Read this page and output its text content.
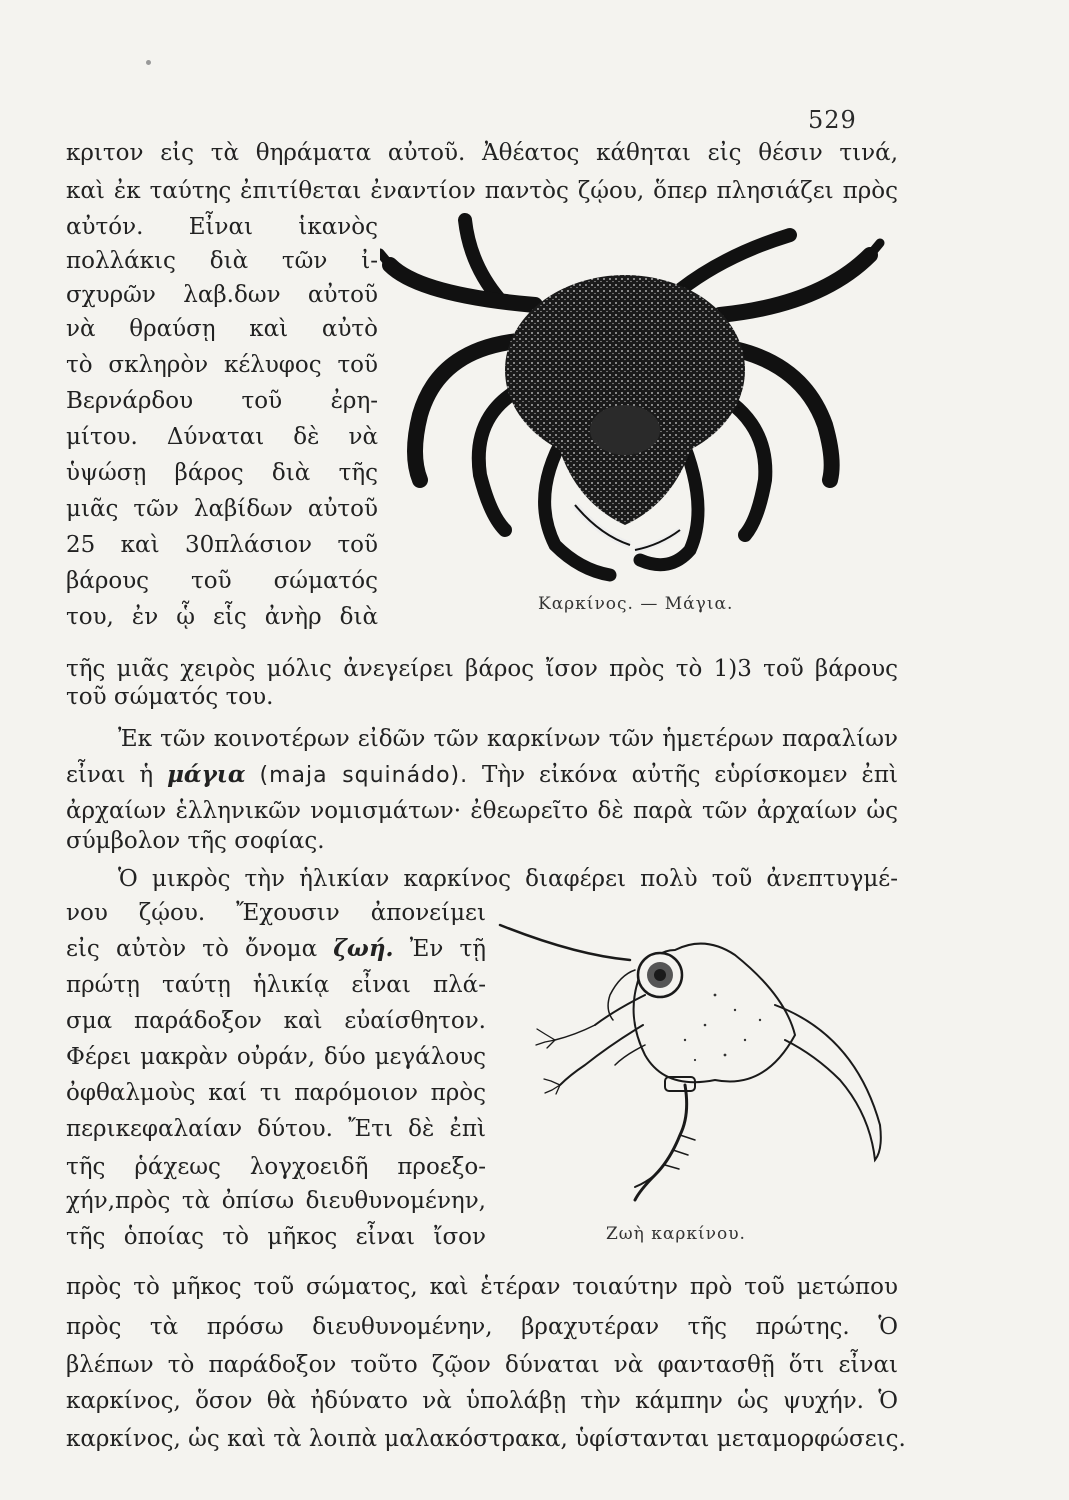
529
κριτον εἰς τὰ θηράματα αὐτοῦ. Ἀθέατος κάθηται εἰς θέσιν τινά,
καὶ ἐκ ταύτης ἐπιτίθεται ἐναντίον παντὸς ζῴου, ὅπερ πλησιάζει πρὸς
αὐτόν. Εἶναι ἱκανὸς
πολλάκις διὰ τῶν ἰ-
σχυρῶν λαβ.δων αὐτοῦ
νὰ θραύσῃ καὶ αὐτὸ
τὸ σκληρὸν κέλυφος τοῦ
Βερνάρδου τοῦ ἐρη-
μίτου. Δύναται δὲ νὰ
ὑψώσῃ βάρος διὰ τῆς
μιᾶς τῶν λαβίδων αὐτοῦ
25 καὶ 30πλάσιον τοῦ
βάρους τοῦ σώματός
του, ἐν ᾧ εἷς ἀνὴρ διὰ	Καρκίνος. — Μάγια.
τῆς μιᾶς χειρὸς μόλις ἀνεγείρει βάρος ἴσον πρὸς τὸ 1)3 τοῦ βάρους
τοῦ σώματός του.
Ἐκ τῶν κοινοτέρων εἰδῶν τῶν καρκίνων τῶν ἡμετέρων παραλίων
εἶναι ἡ μάγια (maja squinádo). Τὴν εἰκόνα αὐτῆς εὑρίσκομεν ἐπὶ
ἀρχαίων ἑλληνικῶν νομισμάτων· ἐθεωρεῖτο δὲ παρὰ τῶν ἀρχαίων ὡς
σύμβολον τῆς σοφίας.
Ὁ μικρὸς τὴν ἡλικίαν καρκίνος διαφέρει πολὺ τοῦ ἀνεπτυγμέ-
νου ζῴου. Ἔχουσιν ἀπονείμει
εἰς αὐτὸν τὸ ὄνομα ζωή. Ἐν τῇ
πρώτῃ ταύτῃ ἡλικίᾳ εἶναι πλά-
σμα παράδοξον καὶ εὐαίσθητον.
Φέρει μακρὰν οὐράν, δύο μεγάλους
ὀφθαλμοὺς καί τι παρόμοιον πρὸς
περικεφαλαίαν δύτου. Ἔτι δὲ ἐπὶ
τῆς ῥάχεως λογχοειδῆ προεξο-
χήν,πρὸς τὰ ὀπίσω διευθυνομένην,
τῆς ὁποίας τὸ μῆκος εἶναι ἴσον	Ζωὴ καρκίνου.
πρὸς τὸ μῆκος τοῦ σώματος, καὶ ἑτέραν τοιαύτην πρὸ τοῦ μετώπου
πρὸς τὰ πρόσω διευθυνομένην, βραχυτέραν τῆς πρώτης. Ὁ
βλέπων τὸ παράδοξον τοῦτο ζῷον δύναται νὰ φαντασθῇ ὅτι εἶναι
καρκίνος, ὅσον θὰ ἠδύνατο νὰ ὑπολάβῃ τὴν κάμπην ὡς ψυχήν. Ὁ
καρκίνος, ὡς καὶ τὰ λοιπὰ μαλακόστρακα, ὑφίστανται μεταμορφώσεις.
